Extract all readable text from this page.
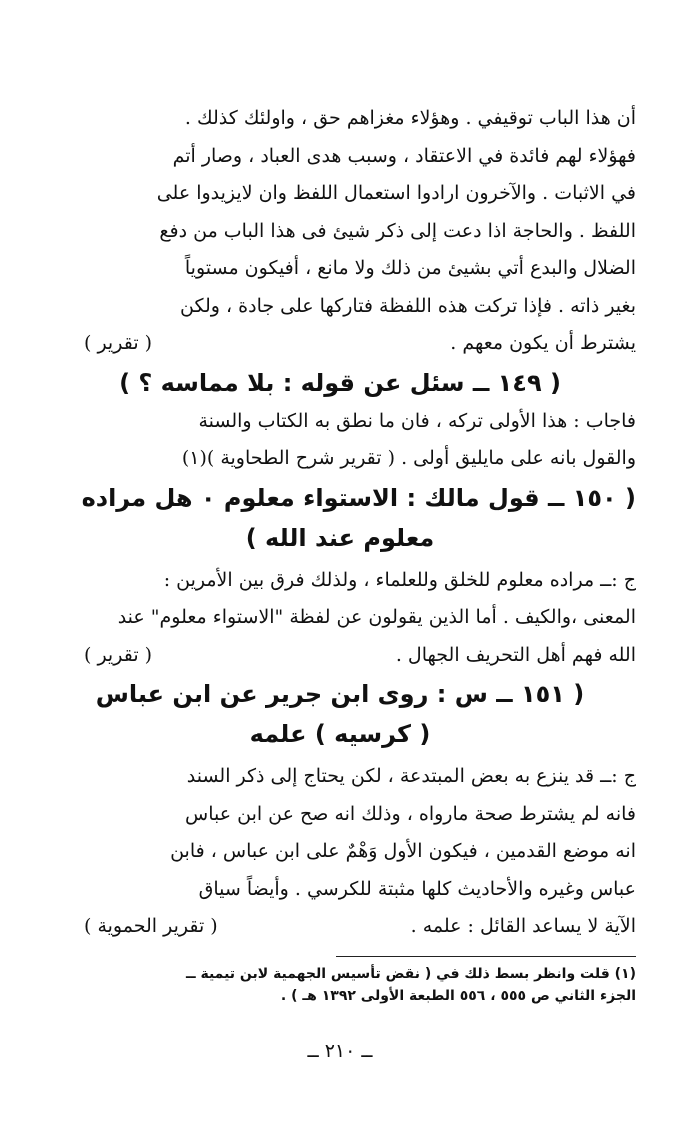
أن هذا الباب توقيفي . وهؤلاء مغزاهم حق ، واولئك كذلك .

فهؤلاء لهم فائدة في الاعتقاد ، وسبب هدى العباد ، وصار أتم

في الاثبات . والآخرون ارادوا استعمال اللفظ وان لايزيدوا على

اللفظ . والحاجة اذا دعت إلى ذكر شيئ فى هذا الباب من دفع

الضلال والبدع أتي بشيئ من ذلك ولا مانع ، أفيكون مستوياً

بغير ذاته . فإذا تركت هذه اللفظة فتاركها على جادة ، ولكن

يشترط أن يكون معهم .
( تقرير )

( ١٤٩ ــ سئل عن قوله : بلا مماسه ؟ )

فاجاب : هذا الأولى تركه ، فان ما نطق به الكتاب والسنة

والقول بانه على مايليق أولى . ( تقرير شرح الطحاوية )(١)

( ١٥٠ ــ قول مالك : الاستواء معلوم ٠ هل مراده

معلوم عند الله )

ج :ــ مراده معلوم للخلق وللعلماء ، ولذلك فرق بين الأمرين :

المعنى ،والكيف . أما الذين يقولون عن لفظة "الاستواء معلوم" عند

الله فهم أهل التحريف الجهال .
( تقرير )

( ١٥١ ــ س : روى ابن جرير عن ابن عباس

( كرسيه ) علمه

ج :ــ قد ينزع به بعض المبتدعة ، لكن يحتاج إلى ذكر السند

فانه لم يشترط صحة مارواه ، وذلك انه صح عن ابن عباس

انه موضع القدمين ، فيكون الأول وَهْمٌ على ابن عباس ، فابن

عباس وغيره والأحاديث كلها مثبتة للكرسي . وأيضاً سياق

الآية لا يساعد القائل : علمه .
( تقرير الحموية )

(١) قلت وانظر بسط ذلك في ( نقض تأسيس الجهمية لابن تيمية ــ

الجزء الثاني ص ٥٥٥ ، ٥٥٦ الطبعة الأولى ١٣٩٢ هـ ) .

ــ ٢١٠ ــ
